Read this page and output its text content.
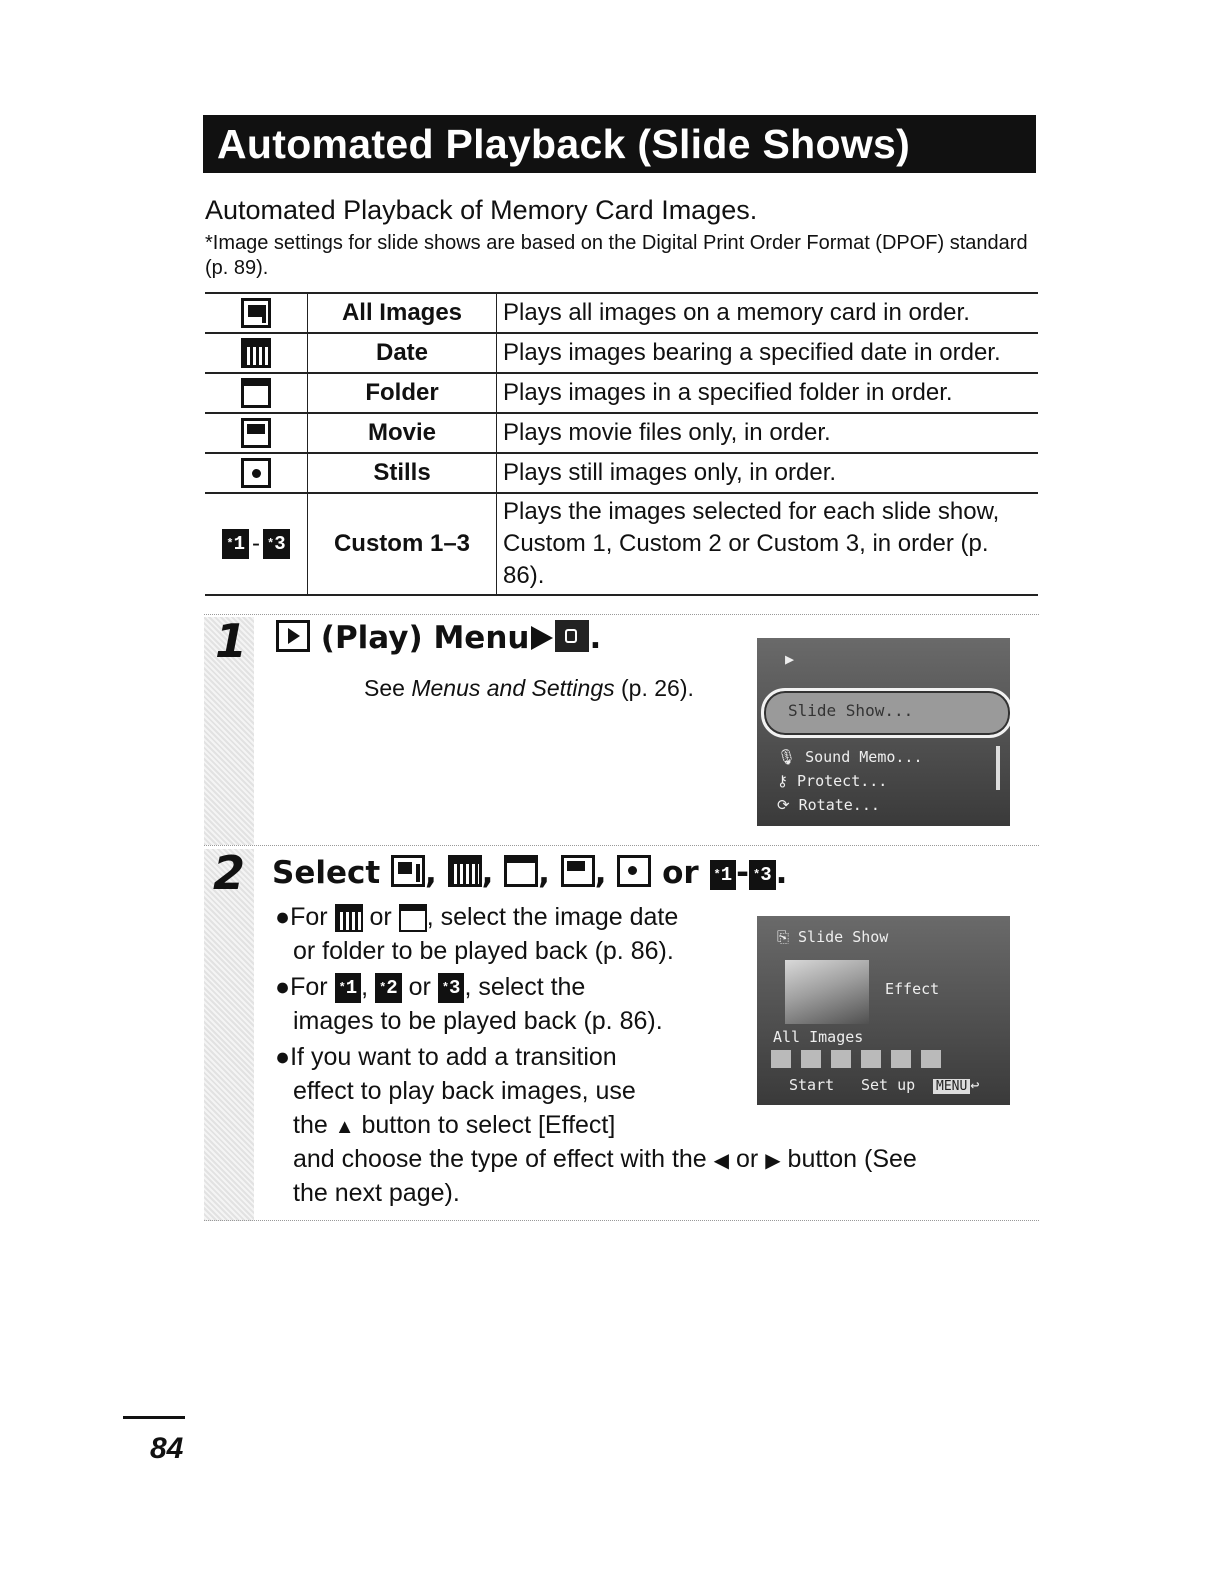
Automated Playback (Slide Shows)
Automated Playback of Memory Card Images.
*Image settings for slide shows are based on the Digital Print Order Format (DPOF) standard (p. 89).
	All Images	Plays all images on a memory card in order.
	Date	Plays images bearing a specified date in order.
	Folder	Plays images in a specified folder in order.
	Movie	Plays movie files only, in order.
	Stills	Plays still images only, in order.
*1 - *3	Custom 1–3	Plays the images selected for each slide show, Custom 1, Custom 2 or Custom 3, in order (p. 86).
1	(Play) Menu .
See Menus and Settings (p. 26).
▶
Slide Show...
🎙 Sound Memo...
⚷ Protect...
⟳ Rotate...
2 Select , , , , or *1 - *3 .
●For or , select the image date
or folder to be played back (p. 86).
●For *1 , *2 or *3 , select the
images to be played back (p. 86).
●If you want to add a transition
effect to play back images, use
the ▲ button to select [Effect]
and choose the type of effect with the ◀ or ▶ button (See
the next page).
⎘ Slide Show
Effect
All Images
Start Set up MENU ↩
84
